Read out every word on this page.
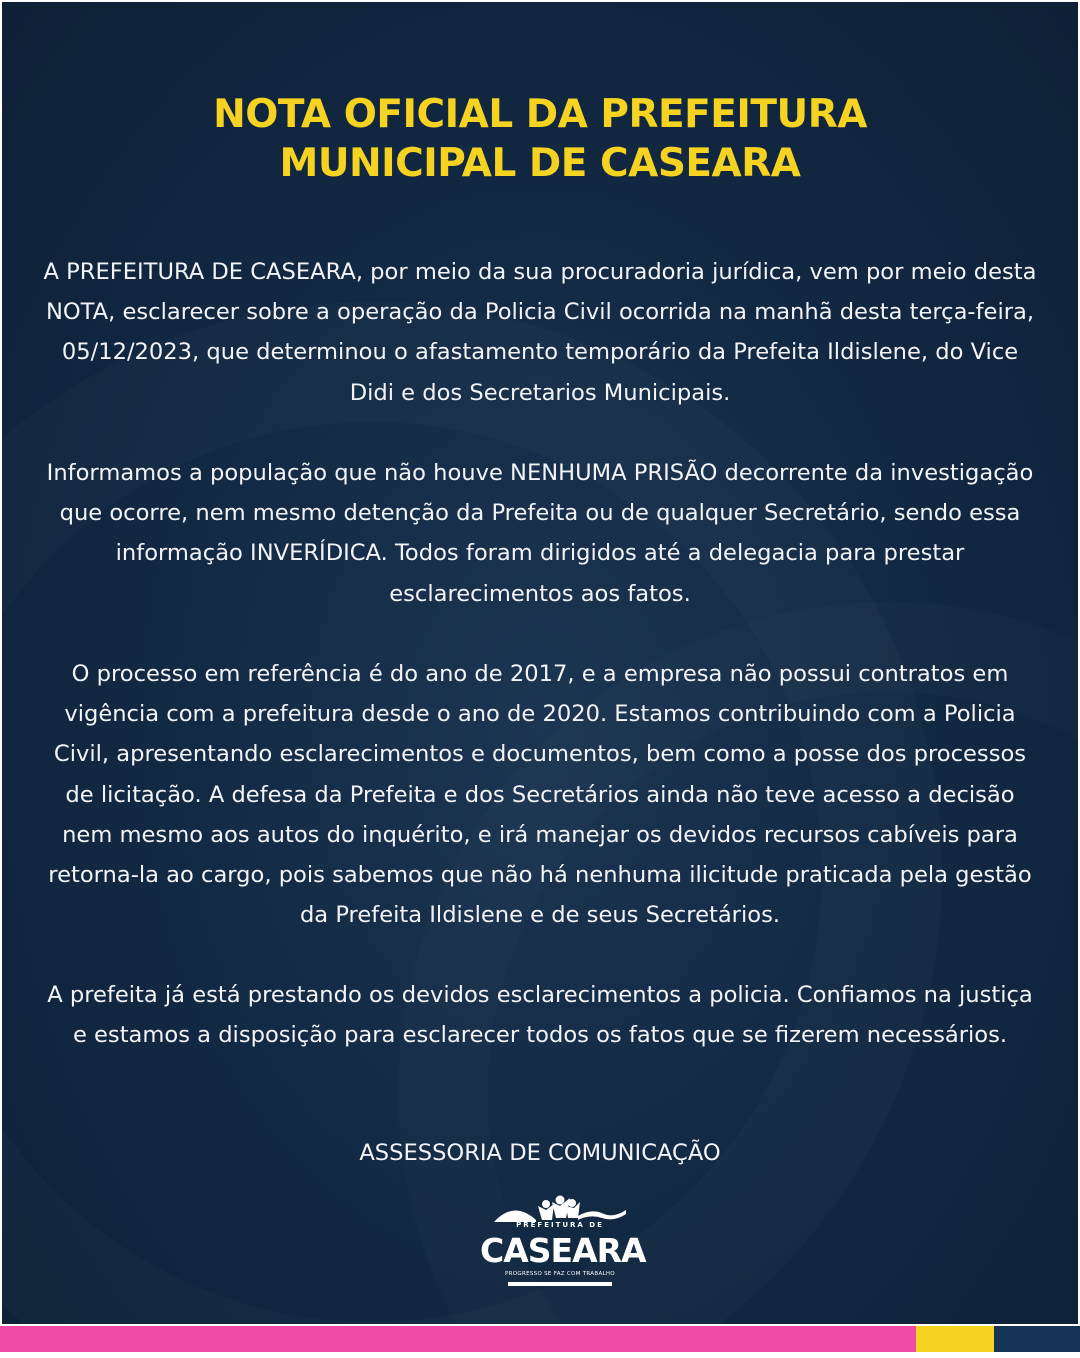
NOTA OFICIAL DA PREFEITURA
MUNICIPAL DE CASEARA

A PREFEITURA DE CASEARA, por meio da sua procuradoria jurídica, vem por meio desta NOTA, esclarecer sobre a operação da Policia Civil ocorrida na manhã desta terça-feira, 05/12/2023, que determinou o afastamento temporário da Prefeita Ildislene, do Vice Didi e dos Secretarios Municipais.

Informamos a população que não houve NENHUMA PRISÃO decorrente da investigação que ocorre, nem mesmo detenção da Prefeita ou de qualquer Secretário, sendo essa informação INVERÍDICA. Todos foram dirigidos até a delegacia para prestar esclarecimentos aos fatos.

O processo em referência é do ano de 2017, e a empresa não possui contratos em vigência com a prefeitura desde o ano de 2020. Estamos contribuindo com a Policia Civil, apresentando esclarecimentos e documentos, bem como a posse dos processos de licitação. A defesa da Prefeita e dos Secretários ainda não teve acesso a decisão nem mesmo aos autos do inquérito, e irá manejar os devidos recursos cabíveis para retorna-la ao cargo, pois sabemos que não há nenhuma ilicitude praticada pela gestão da Prefeita Ildislene e de seus Secretários.

A prefeita já está prestando os devidos esclarecimentos a policia. Confiamos na justiça e estamos a disposição para esclarecer todos os fatos que se fizerem necessários.

ASSESSORIA DE COMUNICAÇÃO

PREFEITURA DE
CASEARA
PROGRESSO SE FAZ COM TRABALHO
